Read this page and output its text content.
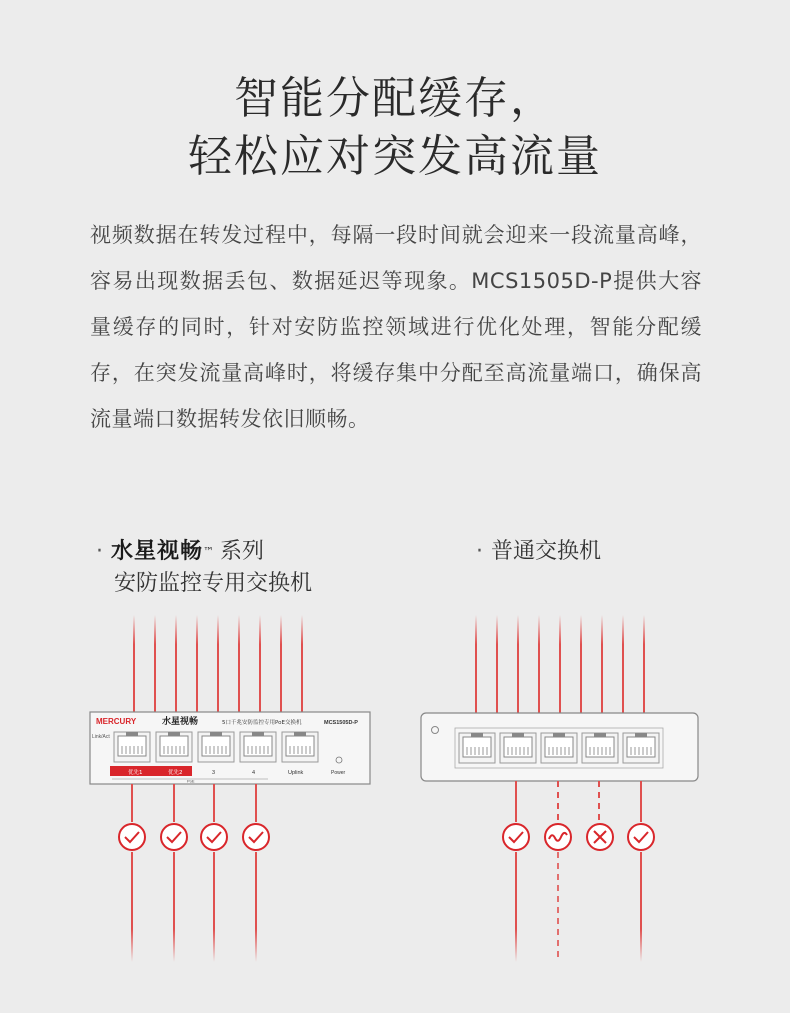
智能分配缓存，
轻松应对突发高流量

视频数据在转发过程中，每隔一段时间就会迎来一段流量高峰，容易出现数据丢包、数据延迟等现象。MCS1505D-P提供大容量缓存的同时，针对安防监控领域进行优化处理，智能分配缓存，在突发流量高峰时，将缓存集中分配至高流量端口，确保高流量端口数据转发依旧顺畅。

· 水星视畅™ 系列
安防监控专用交换机
· 普通交换机
MERCURY	水星视畅	5口千兆安防监控专用PoE交换机	MCS1505D-P
Link/Act
优先1	优先2	3	4	Uplink	Power
PoE
